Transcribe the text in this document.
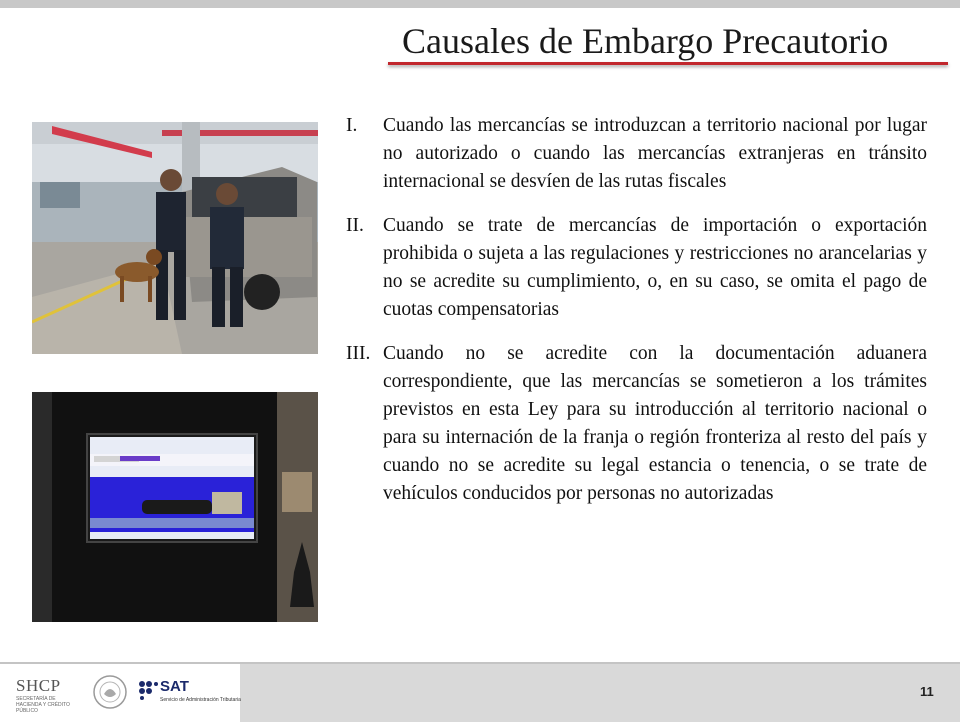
Causales de Embargo Precautorio
I.	Cuando las mercancías se introduzcan a territorio nacional por lugar no autorizado o cuando las mercancías extranjeras en tránsito internacional se desvíen de las rutas fiscales
II. Cuando se trate de mercancías de importación o exportación prohibida o sujeta a las regulaciones y restricciones no arancelarias y no se acredite su cumplimiento, o, en su caso, se omita el pago de cuotas compensatorias
III. Cuando no se acredite con la documentación aduanera correspondiente, que las mercancías se sometieron a los trámites previstos en esta Ley para su introducción al territorio nacional o para su internación de la franja o región fronteriza al resto del país y cuando no se acredite su legal estancia o tenencia, o se trate de vehículos conducidos por personas no autorizadas
SHCP
SECRETARÍA DE HACIENDA Y CRÉDITO PÚBLICO
SAT
Servicio de Administración Tributaria
11
